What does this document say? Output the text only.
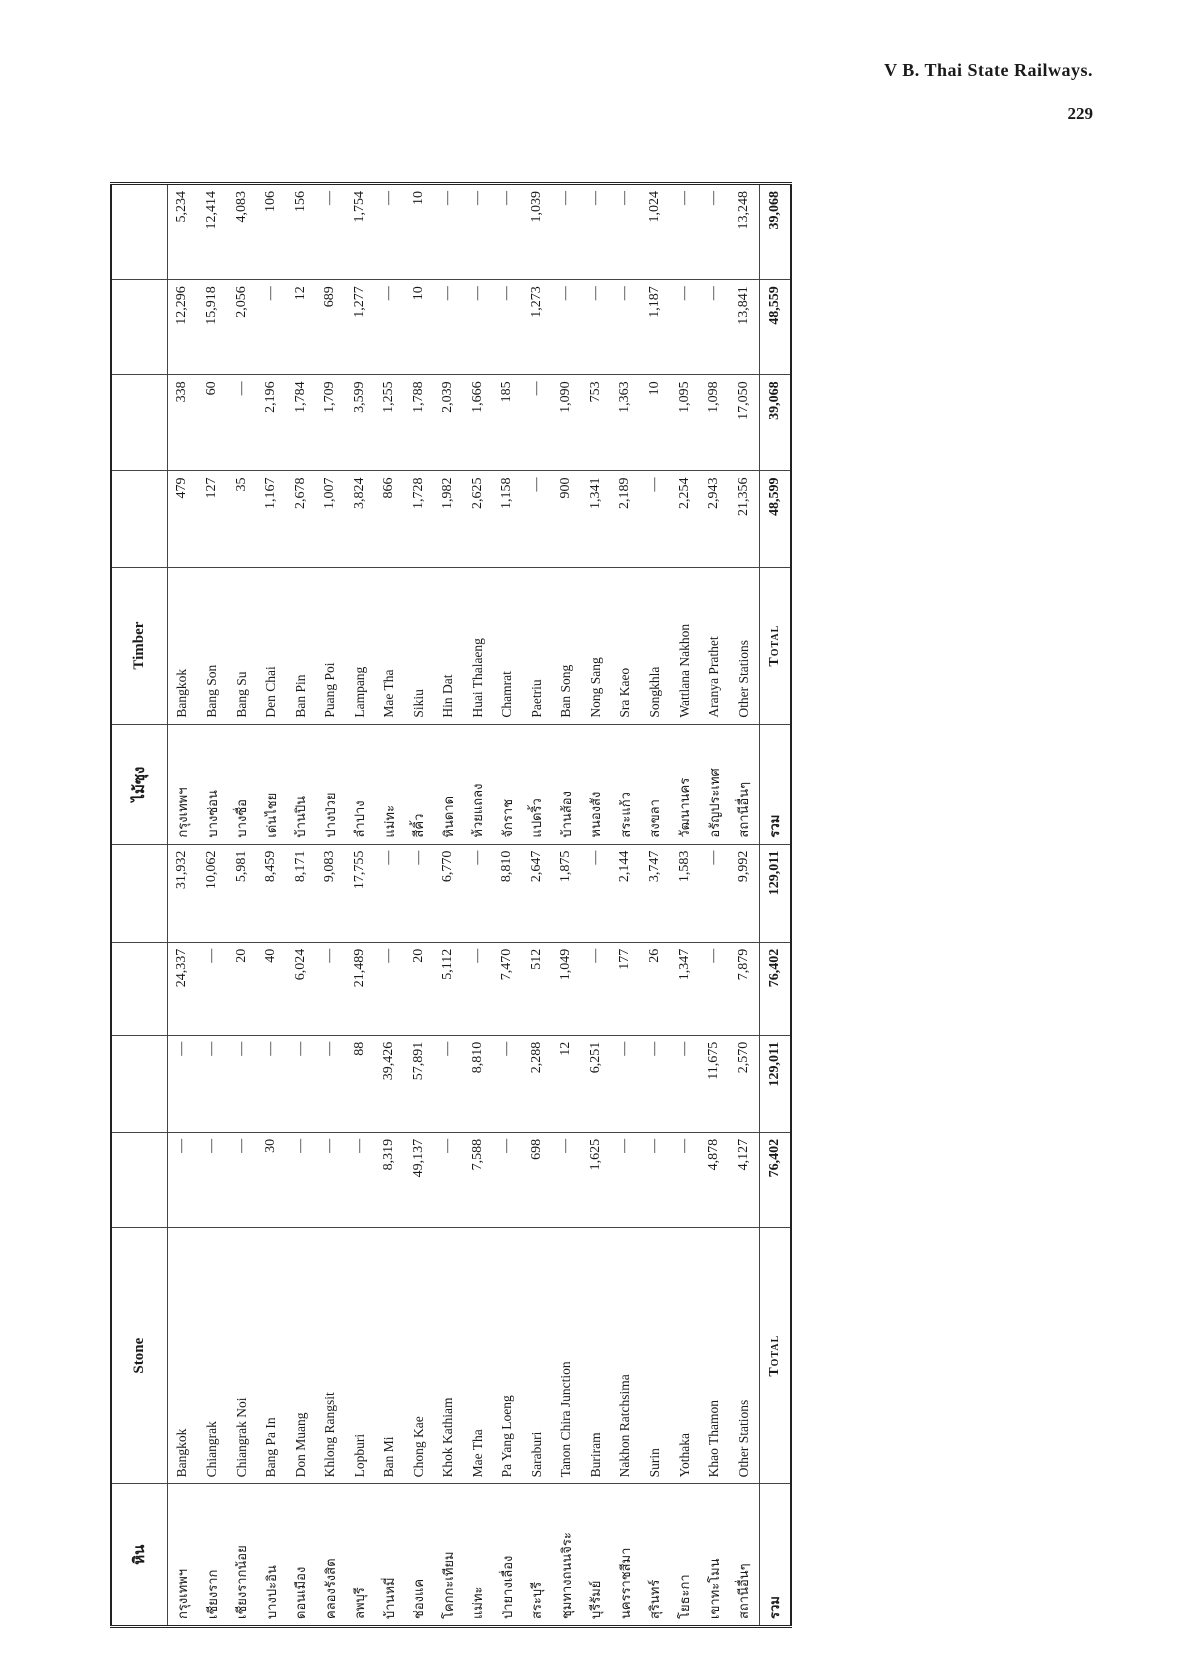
V B. Thai State Railways.
229
หิน	Stone					ไม้ซุง	Timber				
กรุงเทพฯ	Bangkok	—	—	24,337	31,932	กรุงเทพฯ	Bangkok	479	338	12,296	5,234
เชียงราก	Chiangrak	—	—	—	10,062	บางซ่อน	Bang Son	127	60	15,918	12,414
เชียงรากน้อย	Chiangrak Noi	—	—	20	5,981	บางซื่อ	Bang Su	35	—	2,056	4,083
บางปะอิน	Bang Pa In	30	—	40	8,459	เด่นไชย	Den Chai	1,167	2,196	—	106
ดอนเมือง	Don Muang	—	—	6,024	8,171	บ้านปิน	Ban Pin	2,678	1,784	12	156
คลองรังสิต	Khlong Rangsit	—	—	—	9,083	ปางป่วย	Puang Poi	1,007	1,709	689	—
ลพบุรี	Lopburi	—	88	21,489	17,755	ลำปาง	Lampang	3,824	3,599	1,277	1,754
บ้านหมี่	Ban Mi	8,319	39,426	—	—	แม่ทะ	Mae Tha	866	1,255	—	—
ช่องแค	Chong Kae	49,137	57,891	20	—	สีคิ้ว	Sikiu	1,728	1,788	10	10
โคกกะเทียม	Khok Kathiam	—	—	5,112	6,770	หินดาด	Hin Dat	1,982	2,039	—	—
แม่ทะ	Mae Tha	7,588	8,810	—	—	ห้วยแถลง	Huai Thalaeng	2,625	1,666	—	—
ป่ายางเลื่อง	Pa Yang Loeng	—	—	7,470	8,810	จักราช	Chamrat	1,158	185	—	—
สระบุรี	Saraburi	698	2,288	512	2,647	แปดริ้ว	Paetriu	—	—	1,273	1,039
ชุมทางถนนจิระ	Tanon Chira Junction	—	12	1,049	1,875	บ้านส้อง	Ban Song	900	1,090	—	—
บุรีรัมย์	Buriram	1,625	6,251	—	—	หนองสัง	Nong Sang	1,341	753	—	—
นครราชสีมา	Nakhon Ratchsima	—	—	177	2,144	สระแก้ว	Sra Kaeo	2,189	1,363	—	—
สุรินทร์	Surin	—	—	26	3,747	สงขลา	Songkhla	—	10	1,187	1,024
โยธะกา	Yothaka	—	—	1,347	1,583	วัฒนานคร	Wattlana Nakhon	2,254	1,095	—	—
เขาทะโมน	Khao Thamon	4,878	11,675	—	—	อรัญประเทศ	Aranya Prathet	2,943	1,098	—	—
สถานีอื่นๆ	Other Stations	4,127	2,570	7,879	9,992	สถานีอื่นๆ	Other Stations	21,356	17,050	13,841	13,248
รวม	Total	76,402	129,011	76,402	129,011	รวม	Total	48,599	39,068	48,559	39,068
